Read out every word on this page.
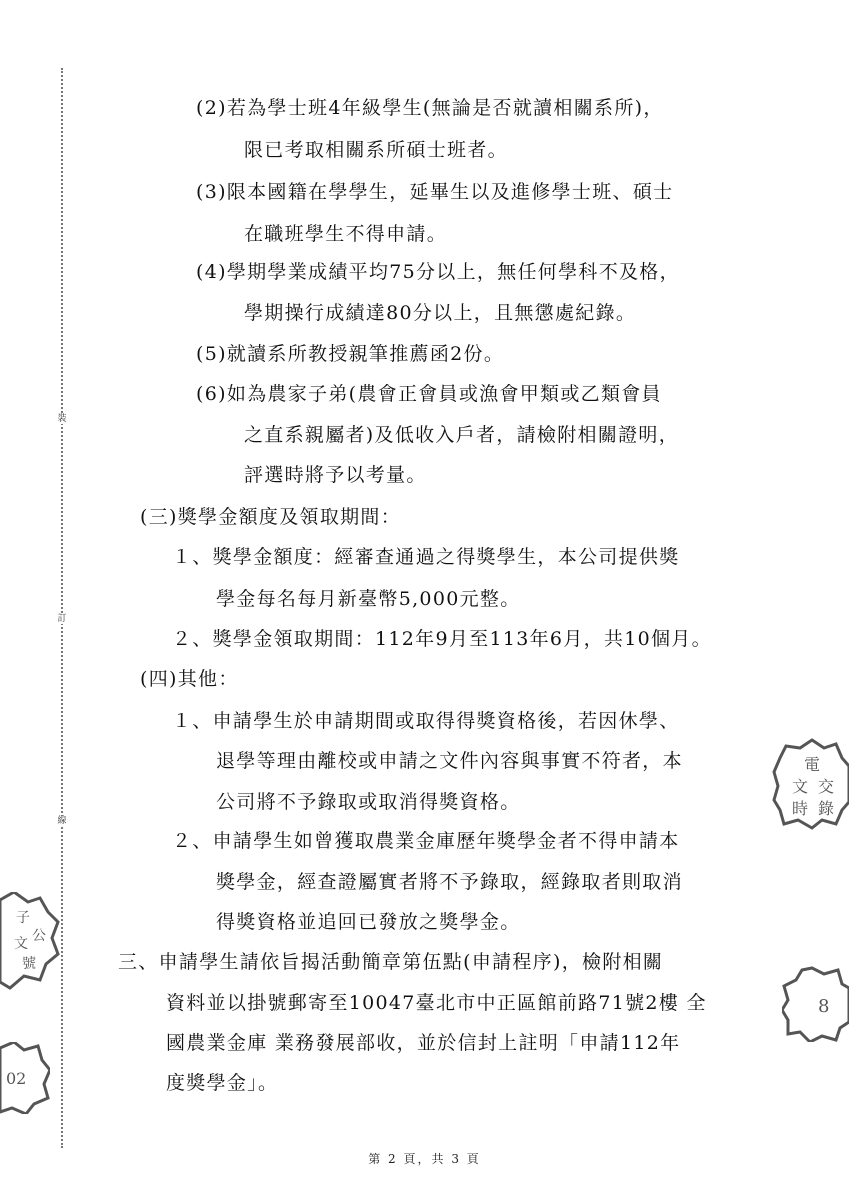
裝
訂
線
(2)若為學士班4年級學生(無論是否就讀相關系所)，
限已考取相關系所碩士班者。
(3)限本國籍在學學生，延畢生以及進修學士班、碩士
在職班學生不得申請。
(4)學期學業成績平均75分以上，無任何學科不及格，
學期操行成績達80分以上，且無懲處紀錄。
(5)就讀系所教授親筆推薦函2份。
(6)如為農家子弟(農會正會員或漁會甲類或乙類會員
之直系親屬者)及低收入戶者，請檢附相關證明，
評選時將予以考量。
(三)獎學金額度及領取期間：
１、獎學金額度：經審查通過之得獎學生，本公司提供獎
學金每名每月新臺幣5,000元整。
２、獎學金領取期間：112年9月至113年6月，共10個月。
(四)其他：
１、申請學生於申請期間或取得得獎資格後，若因休學、
退學等理由離校或申請之文件內容與事實不符者，本
公司將不予錄取或取消得獎資格。
２、申請學生如曾獲取農業金庫歷年獎學金者不得申請本
獎學金，經查證屬實者將不予錄取，經錄取者則取消
得獎資格並追回已發放之獎學金。
三、申請學生請依旨揭活動簡章第伍點(申請程序)，檢附相關
資料並以掛號郵寄至10047臺北市中正區館前路71號2樓 全
國農業金庫 業務發展部收，並於信封上註明「申請112年
度獎學金」。
第 2 頁，共 3 頁
電
文 交
時 錄
子
公
文
號
02
8
